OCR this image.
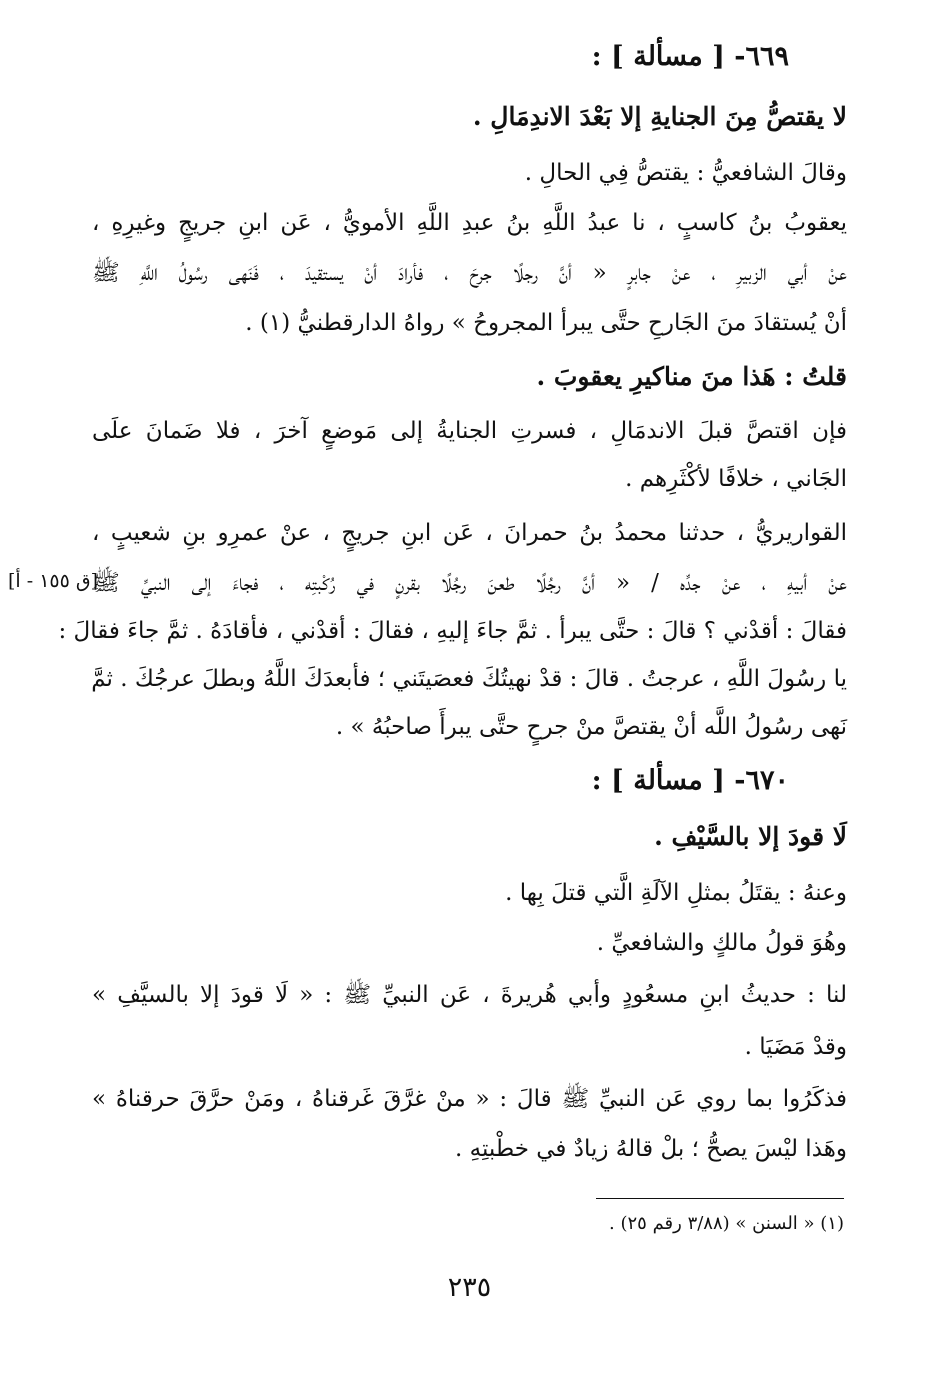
٦٦٩- [ مسألة ] :
لا يقتصُّ مِنَ الجنايةِ إلا بَعْدَ الاندِمَالِ .
وقالَ الشافعيُّ : يقتصُّ فِي الحالِ .
يعقوبُ بنُ كاسبٍ ، نا عبدُ اللَّهِ بنُ عبدِ اللَّهِ الأمويُّ ، عَن ابنِ جريجٍ وغيرِهِ ،
عنْ أبي الزبيرِ ، عنْ جابرٍ « أنَّ رجلًا جرحَ ، فأرادَ أنْ يستقيدَ ، فَنَهى رسُولُ اللَّهِ ﷺ
أنْ يُستقادَ منَ الجَارحِ حتَّى يبرأ المجروحُ » رواهُ الدارقطنيُّ (١) .
قلتُ : هَذا منَ مناكيرِ يعقوبَ .
فإن اقتصَّ قبلَ الاندمَالِ ، فسرتِ الجنايةُ إلى مَوضعٍ آخرَ ، فلا ضَمانَ علَى
الجَاني ، خلافًا لأكْثَرِهم .
القواريريُّ ، حدثنا محمدُ بنُ حمرانَ ، عَن ابنِ جريجٍ ، عنْ عمرِو بنِ شعيبٍ ،
عنْ أبيهِ ، عنْ جدِّه / « أنَّ رجُلًا طعنَ رجُلًا بقرنٍ في رُكْبتِه ، فجاءَ إلى النبيِّ ﷺ
فقالَ : أقدْني ؟ قالَ : حتَّى يبرأ . ثمَّ جاءَ إليهِ ، فقالَ : أقدْني ، فأقادَهُ . ثمَّ جاءَ فقالَ :
يا رسُولَ اللَّهِ ، عرجتُ . قالَ : قدْ نهيتُكَ فعصَيتَني ؛ فأبعدَكَ اللَّهُ وبطلَ عرجُكَ . ثمَّ
نَهى رسُولُ اللَّه أنْ يقتصَّ منْ جرحٍ حتَّى يبرأَ صاحبُهُ » .
[ق ١٥٥ - أ]
٦٧٠- [ مسألة ] :
لَا قودَ إلا بالسَّيْفِ .
وعنهُ : يقتَلُ بمثلِ الآلَةِ الَّتي قتلَ بِها .
وهُوَ قولُ مالكٍ والشافعيِّ .
لنا : حديثُ ابنِ مسعُودٍ وأبي هُريرةَ ، عَن النبيِّ ﷺ : « لَا قودَ إلا بالسيَّفِ »
وقدْ مَضَيَا .
فذكَرُوا بما روي عَن النبيِّ ﷺ قالَ : « منْ غرَّقَ غَرقناهُ ، ومَنْ حرَّقَ حرقناهُ »
وهَذا ليْسَ يصحُّ ؛ بلْ قالهُ زيادٌ في خطْبتِهِ .
(١) « السنن » (٣/٨٨ رقم ٢٥) .
٢٣٥
